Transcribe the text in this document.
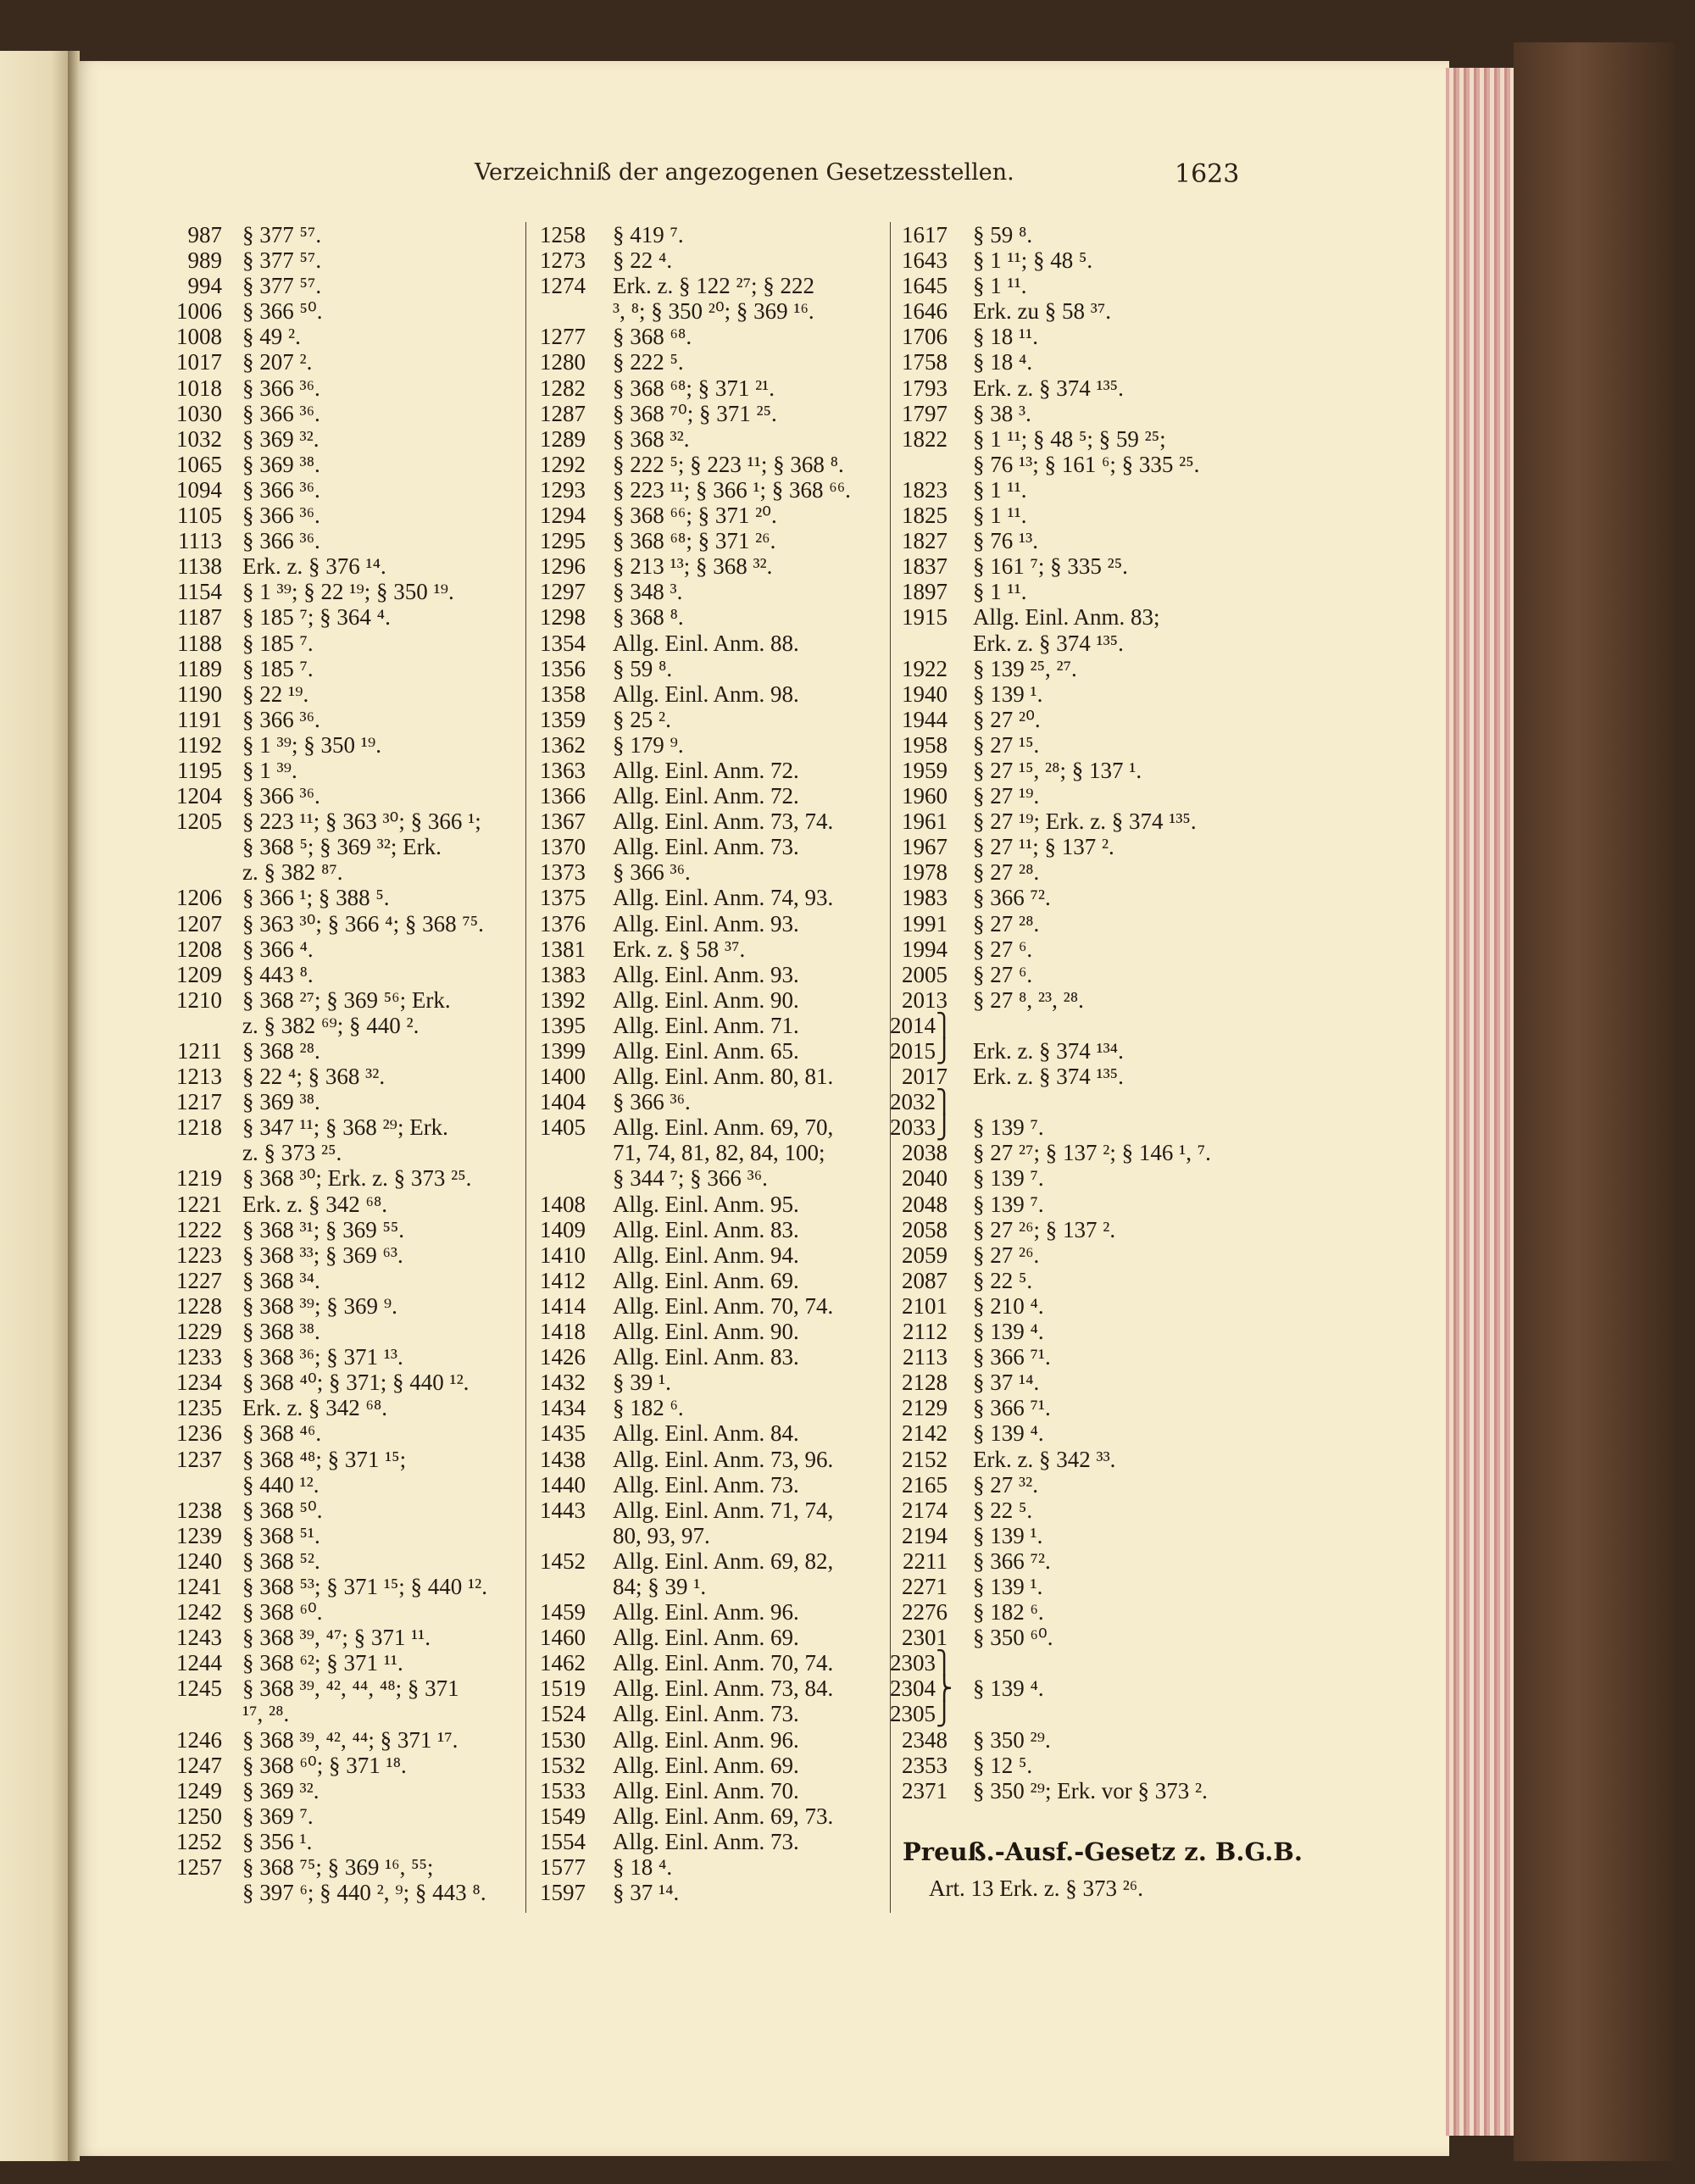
Verzeichniß der angezogenen Gesetzesstellen.	1623
987 § 377 ⁵⁷.
989 § 377 ⁵⁷.
994 § 377 ⁵⁷.
1006 § 366 ⁵⁰.
1008 § 49 ².
1017 § 207 ².
1018 § 366 ³⁶.
1030 § 366 ³⁶.
1032 § 369 ³².
1065 § 369 ³⁸.
1094 § 366 ³⁶.
1105 § 366 ³⁶.
1113 § 366 ³⁶.
1138 Erk. z. § 376 ¹⁴.
1154 § 1 ³⁹; § 22 ¹⁹; § 350 ¹⁹.
1187 § 185 ⁷; § 364 ⁴.
1188 § 185 ⁷.
1189 § 185 ⁷.
1190 § 22 ¹⁹.
1191 § 366 ³⁶.
1192 § 1 ³⁹; § 350 ¹⁹.
1195 § 1 ³⁹.
1204 § 366 ³⁶.
1205 § 223 ¹¹; § 363 ³⁰; § 366 ¹;
§ 368 ⁵; § 369 ³²; Erk.
z. § 382 ⁸⁷.
1206 § 366 ¹; § 388 ⁵.
1207 § 363 ³⁰; § 366 ⁴; § 368 ⁷⁵.
1208 § 366 ⁴.
1209 § 443 ⁸.
1210 § 368 ²⁷; § 369 ⁵⁶; Erk.
z. § 382 ⁶⁹; § 440 ².
1211 § 368 ²⁸.
1213 § 22 ⁴; § 368 ³².
1217 § 369 ³⁸.
1218 § 347 ¹¹; § 368 ²⁹; Erk.
z. § 373 ²⁵.
1219 § 368 ³⁰; Erk. z. § 373 ²⁵.
1221 Erk. z. § 342 ⁶⁸.
1222 § 368 ³¹; § 369 ⁵⁵.
1223 § 368 ³³; § 369 ⁶³.
1227 § 368 ³⁴.
1228 § 368 ³⁹; § 369 ⁹.
1229 § 368 ³⁸.
1233 § 368 ³⁶; § 371 ¹³.
1234 § 368 ⁴⁰; § 371; § 440 ¹².
1235 Erk. z. § 342 ⁶⁸.
1236 § 368 ⁴⁶.
1237 § 368 ⁴⁸; § 371 ¹⁵;
§ 440 ¹².
1238 § 368 ⁵⁰.
1239 § 368 ⁵¹.
1240 § 368 ⁵².
1241 § 368 ⁵³; § 371 ¹⁵; § 440 ¹².
1242 § 368 ⁶⁰.
1243 § 368 ³⁹, ⁴⁷; § 371 ¹¹.
1244 § 368 ⁶²; § 371 ¹¹.
1245 § 368 ³⁹, ⁴², ⁴⁴, ⁴⁸; § 371
¹⁷, ²⁸.
1246 § 368 ³⁹, ⁴², ⁴⁴; § 371 ¹⁷.
1247 § 368 ⁶⁰; § 371 ¹⁸.
1249 § 369 ³².
1250 § 369 ⁷.
1252 § 356 ¹.
1257 § 368 ⁷⁵; § 369 ¹⁶, ⁵⁵;
§ 397 ⁶; § 440 ², ⁹; § 443 ⁸.
1258 § 419 ⁷.
1273 § 22 ⁴.
1274 Erk. z. § 122 ²⁷; § 222
³, ⁸; § 350 ²⁰; § 369 ¹⁶.
1277 § 368 ⁶⁸.
1280 § 222 ⁵.
1282 § 368 ⁶⁸; § 371 ²¹.
1287 § 368 ⁷⁰; § 371 ²⁵.
1289 § 368 ³².
1292 § 222 ⁵; § 223 ¹¹; § 368 ⁸.
1293 § 223 ¹¹; § 366 ¹; § 368 ⁶⁶.
1294 § 368 ⁶⁶; § 371 ²⁰.
1295 § 368 ⁶⁸; § 371 ²⁶.
1296 § 213 ¹³; § 368 ³².
1297 § 348 ³.
1298 § 368 ⁸.
1354 Allg. Einl. Anm. 88.
1356 § 59 ⁸.
1358 Allg. Einl. Anm. 98.
1359 § 25 ².
1362 § 179 ⁹.
1363 Allg. Einl. Anm. 72.
1366 Allg. Einl. Anm. 72.
1367 Allg. Einl. Anm. 73, 74.
1370 Allg. Einl. Anm. 73.
1373 § 366 ³⁶.
1375 Allg. Einl. Anm. 74, 93.
1376 Allg. Einl. Anm. 93.
1381 Erk. z. § 58 ³⁷.
1383 Allg. Einl. Anm. 93.
1392 Allg. Einl. Anm. 90.
1395 Allg. Einl. Anm. 71.
1399 Allg. Einl. Anm. 65.
1400 Allg. Einl. Anm. 80, 81.
1404 § 366 ³⁶.
1405 Allg. Einl. Anm. 69, 70,
71, 74, 81, 82, 84, 100;
§ 344 ⁷; § 366 ³⁶.
1408 Allg. Einl. Anm. 95.
1409 Allg. Einl. Anm. 83.
1410 Allg. Einl. Anm. 94.
1412 Allg. Einl. Anm. 69.
1414 Allg. Einl. Anm. 70, 74.
1418 Allg. Einl. Anm. 90.
1426 Allg. Einl. Anm. 83.
1432 § 39 ¹.
1434 § 182 ⁶.
1435 Allg. Einl. Anm. 84.
1438 Allg. Einl. Anm. 73, 96.
1440 Allg. Einl. Anm. 73.
1443 Allg. Einl. Anm. 71, 74,
80, 93, 97.
1452 Allg. Einl. Anm. 69, 82,
84; § 39 ¹.
1459 Allg. Einl. Anm. 96.
1460 Allg. Einl. Anm. 69.
1462 Allg. Einl. Anm. 70, 74.
1519 Allg. Einl. Anm. 73, 84.
1524 Allg. Einl. Anm. 73.
1530 Allg. Einl. Anm. 96.
1532 Allg. Einl. Anm. 69.
1533 Allg. Einl. Anm. 70.
1549 Allg. Einl. Anm. 69, 73.
1554 Allg. Einl. Anm. 73.
1577 § 18 ⁴.
1597 § 37 ¹⁴.
1617 § 59 ⁸.
1643 § 1 ¹¹; § 48 ⁵.
1645 § 1 ¹¹.
1646 Erk. zu § 58 ³⁷.
1706 § 18 ¹¹.
1758 § 18 ⁴.
1793 Erk. z. § 374 ¹³⁵.
1797 § 38 ³.
1822 § 1 ¹¹; § 48 ⁵; § 59 ²⁵;
§ 76 ¹³; § 161 ⁶; § 335 ²⁵.
1823 § 1 ¹¹.
1825 § 1 ¹¹.
1827 § 76 ¹³.
1837 § 161 ⁷; § 335 ²⁵.
1897 § 1 ¹¹.
1915 Allg. Einl. Anm. 83;
Erk. z. § 374 ¹³⁵.
1922 § 139 ²⁵, ²⁷.
1940 § 139 ¹.
1944 § 27 ²⁰.
1958 § 27 ¹⁵.
1959 § 27 ¹⁵, ²⁸; § 137 ¹.
1960 § 27 ¹⁹.
1961 § 27 ¹⁹; Erk. z. § 374 ¹³⁵.
1967 § 27 ¹¹; § 137 ².
1978 § 27 ²⁸.
1983 § 366 ⁷².
1991 § 27 ²⁸.
1994 § 27 ⁶.
2005 § 27 ⁶.
2013 § 27 ⁸, ²³, ²⁸.
2014⎫
2015⎭ Erk. z. § 374 ¹³⁴.
2017 Erk. z. § 374 ¹³⁵.
2032⎫
2033⎭ § 139 ⁷.
2038 § 27 ²⁷; § 137 ²; § 146 ¹, ⁷.
2040 § 139 ⁷.
2048 § 139 ⁷.
2058 § 27 ²⁶; § 137 ².
2059 § 27 ²⁶.
2087 § 22 ⁵.
2101 § 210 ⁴.
2112 § 139 ⁴.
2113 § 366 ⁷¹.
2128 § 37 ¹⁴.
2129 § 366 ⁷¹.
2142 § 139 ⁴.
2152 Erk. z. § 342 ³³.
2165 § 27 ³².
2174 § 22 ⁵.
2194 § 139 ¹.
2211 § 366 ⁷².
2271 § 139 ¹.
2276 § 182 ⁶.
2301 § 350 ⁶⁰.
2303⎫
2304⎬ § 139 ⁴.
2305⎭
2348 § 350 ²⁹.
2353 § 12 ⁵.
2371 § 350 ²⁹; Erk. vor § 373 ².
Preuß.-Ausf.-Gesetz z. B.G.B.
Art. 13 Erk. z. § 373 ²⁶.
